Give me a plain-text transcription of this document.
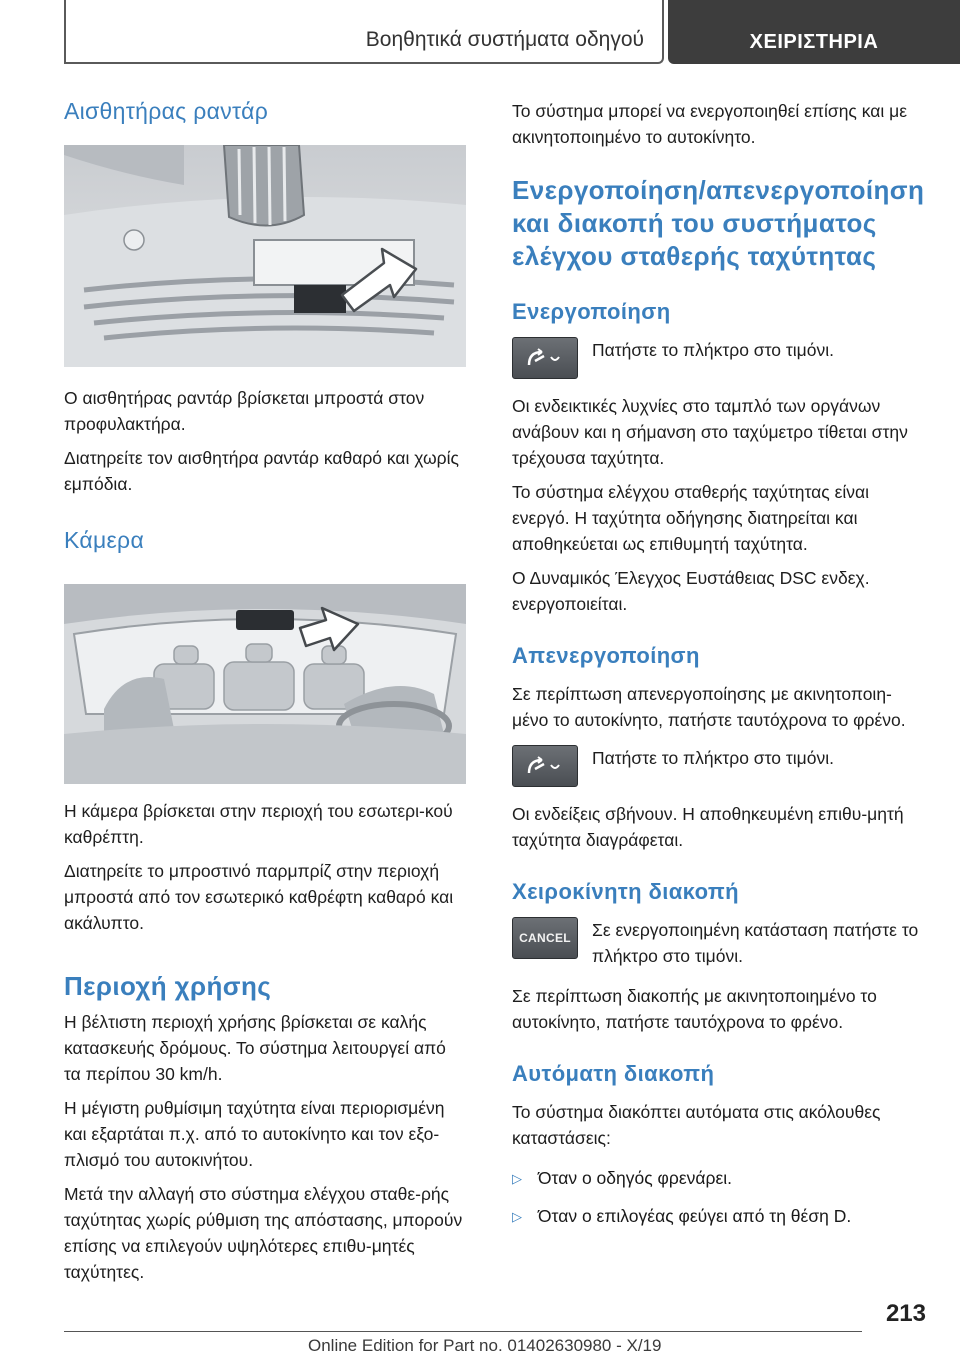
Βοηθητικά συστήματα οδηγού	ΧΕΙΡΙΣΤΗΡΙΑ
Αισθητήρας ραντάρ

Ο αισθητήρας ραντάρ βρίσκεται μπροστά στον προφυλακτήρα.

Διατηρείτε τον αισθητήρα ραντάρ καθαρό και χωρίς εμπόδια.

Κάμερα

Η κάμερα βρίσκεται στην περιοχή του εσωτερι-κού καθρέπτη.

Διατηρείτε το μπροστινό παρμπρίζ στην περιοχή μπροστά από τον εσωτερικό καθρέφτη καθαρό και ακάλυπτο.

Περιοχή χρήσης

Η βέλτιστη περιοχή χρήσης βρίσκεται σε καλής κατασκευής δρόμους. Το σύστημα λειτουργεί από τα περίπου 30 km/h.

Η μέγιστη ρυθμίσιμη ταχύτητα είναι περιορισμένη και εξαρτάται π.χ. από το αυτοκίνητο και τον εξο-πλισμό του αυτοκινήτου.

Μετά την αλλαγή στο σύστημα ελέγχου σταθε-ρής ταχύτητας χωρίς ρύθμιση της απόστασης, μπορούν επίσης να επιλεγούν υψηλότερες επιθυ-μητές ταχύτητες.

Το σύστημα μπορεί να ενεργοποιηθεί επίσης και με ακινητοποιημένο το αυτοκίνητο.

Ενεργοποίηση/απενεργοποίηση και διακοπή του συστήματος ελέγχου σταθερής ταχύτητας
Ενεργοποίηση

Πατήστε το πλήκτρο στο τιμόνι.

Οι ενδεικτικές λυχνίες στο ταμπλό των οργάνων ανάβουν και η σήμανση στο ταχύμετρο τίθεται στην τρέχουσα ταχύτητα.

Το σύστημα ελέγχου σταθερής ταχύτητας είναι ενεργό. Η ταχύτητα οδήγησης διατηρείται και αποθηκεύεται ως επιθυμητή ταχύτητα.

Ο Δυναμικός Έλεγχος Ευστάθειας DSC ενδεχ. ενεργοποιείται.

Απενεργοποίηση

Σε περίπτωση απενεργοποίησης με ακινητοποιη-μένο το αυτοκίνητο, πατήστε ταυτόχρονα το φρένο.

Πατήστε το πλήκτρο στο τιμόνι.

Οι ενδείξεις σβήνουν. Η αποθηκευμένη επιθυ-μητή ταχύτητα διαγράφεται.

Χειροκίνητη διακοπή
CANCEL	Σε ενεργοποιημένη κατάσταση πατήστε το πλήκτρο στο τιμόνι.

Σε περίπτωση διακοπής με ακινητοποιημένο το αυτοκίνητο, πατήστε ταυτόχρονα το φρένο.

Αυτόματη διακοπή

Το σύστημα διακόπτει αυτόματα στις ακόλουθες καταστάσεις:

▷ Όταν ο οδηγός φρενάρει.
▷ Όταν ο επιλογέας φεύγει από τη θέση D.
213
Online Edition for Part no. 01402630980 - X/19
